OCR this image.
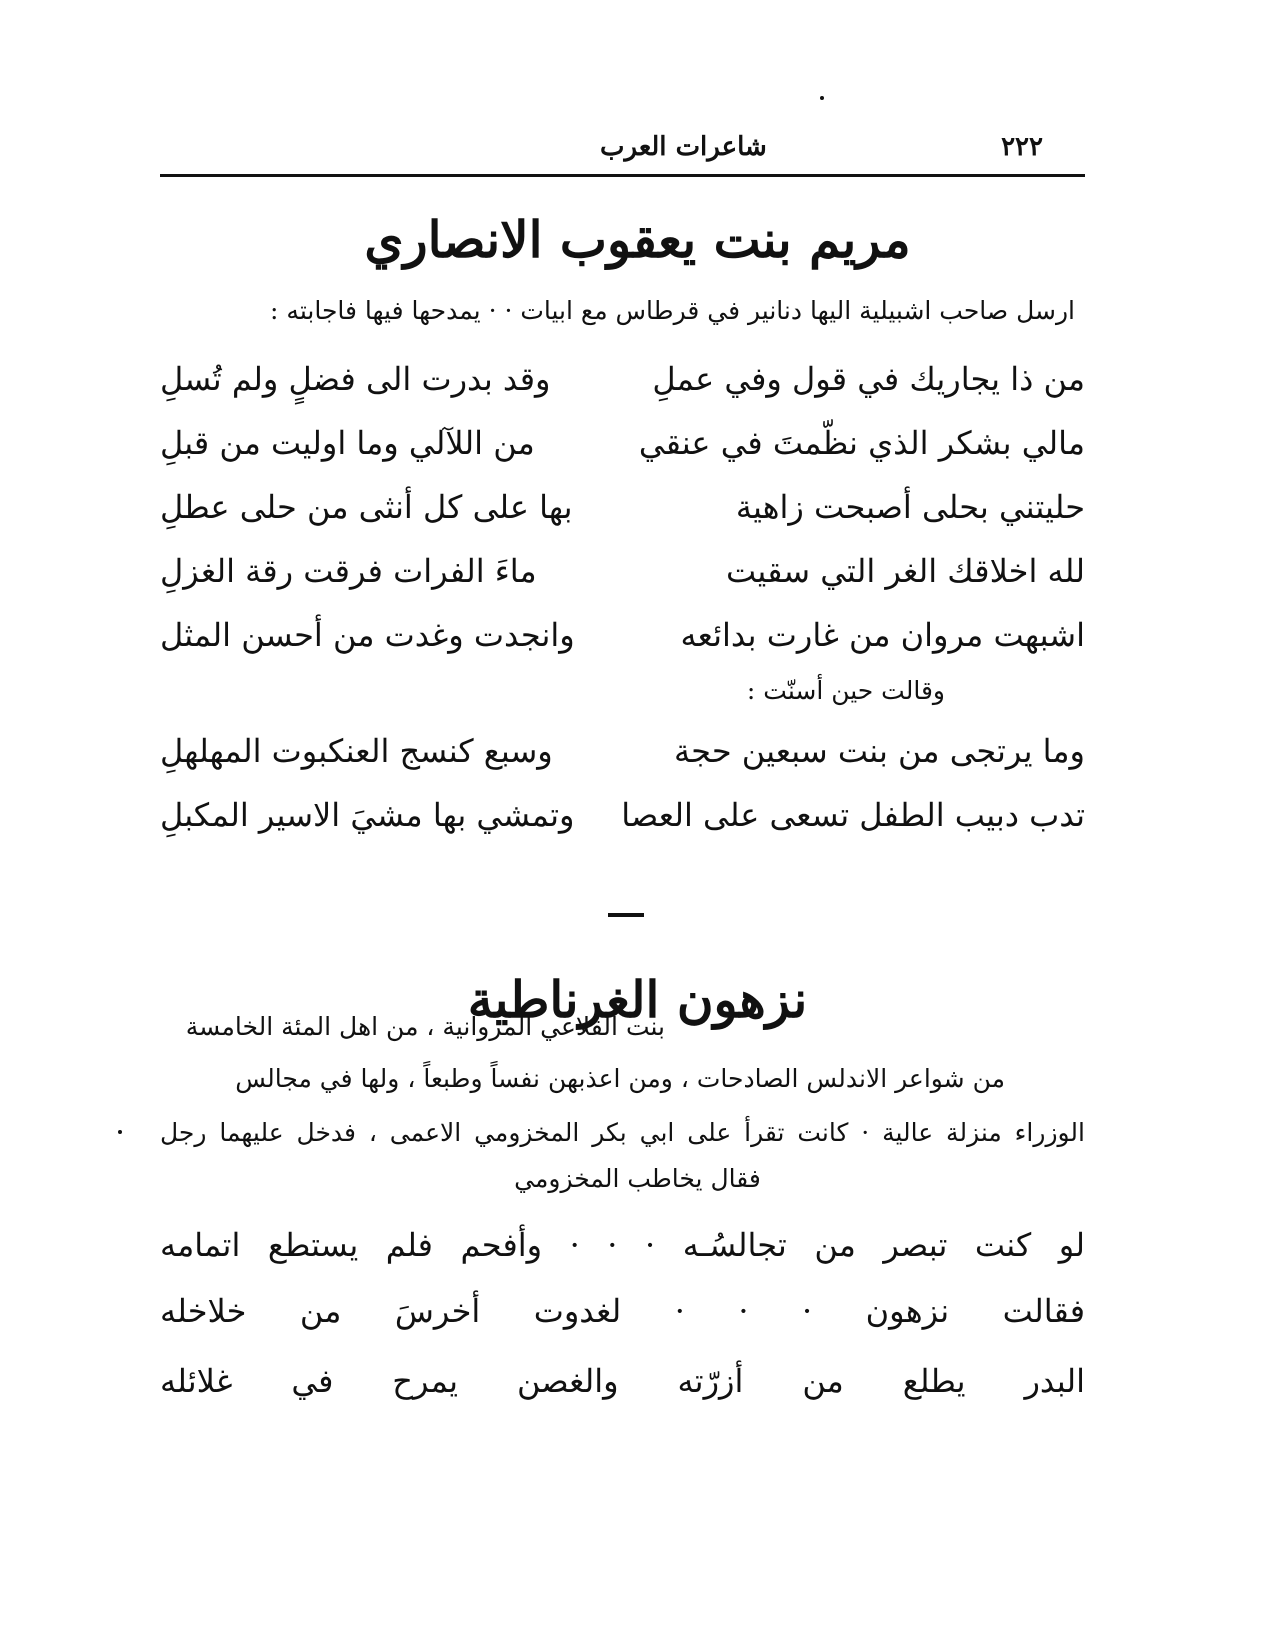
٢٢٢
شاعرات العرب
مريم بنت يعقوب الانصاري
ارسل صاحب اشبيلية اليها دنانير في قرطاس مع ابيات · · يمدحها فيها فاجابته :
من ذا يجاريك في قول وفي عملِ
وقد بدرت الى فضلٍ ولم تُسلِ
مالي بشكر الذي نظّمتَ في عنقي
من اللآلي وما اوليت من قبلِ
حليتني بحلى أصبحت زاهية
بها على كل أنثى من حلى عطلِ
لله اخلاقك الغر التي سقيت
ماءَ الفرات فرقت رقة الغزلِ
اشبهت مروان من غارت بدائعه
وانجدت وغدت من أحسن المثل
وقالت حين أسنّت :
وما يرتجى من بنت سبعين حجة
وسبع كنسج العنكبوت المهلهلِ
تدب دبيب الطفل تسعى على العصا
وتمشي بها مشيَ الاسير المكبلِ
نزهون الغرناطية
بنت القلاعي المروانية ، من اهل المئة الخامسة
من شواعر الاندلس الصادحات ، ومن اعذبهن نفساً وطبعاً ، ولها في مجالس
الوزراء منزلة عالية · كانت تقرأ على ابي بكر المخزومي الاعمى ، فدخل عليهما رجل
فقال يخاطب المخزومي
لو كنت تبصر من تجالسُـه · · · وأفحم فلم يستطع اتمامه
فقالت نزهون · · · لغدوت أخرسَ من خلاخله
البدر يطلع من أزرّته والغصن يمرح في غلائله
